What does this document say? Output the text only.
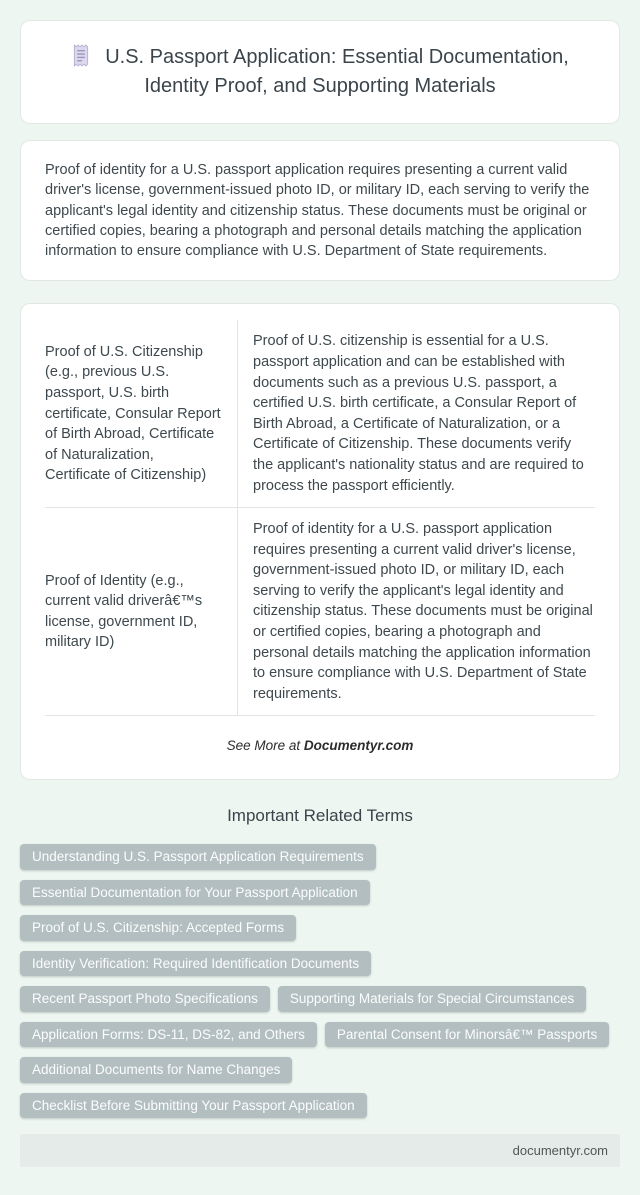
U.S. Passport Application: Essential Documentation, Identity Proof, and Supporting Materials

Proof of identity for a U.S. passport application requires presenting a current valid driver's license, government-issued photo ID, or military ID, each serving to verify the applicant's legal identity and citizenship status. These documents must be original or certified copies, bearing a photograph and personal details matching the application information to ensure compliance with U.S. Department of State requirements.

Proof of U.S. Citizenship (e.g., previous U.S. passport, U.S. birth certificate, Consular Report of Birth Abroad, Certificate of Naturalization, Certificate of Citizenship)	Proof of U.S. citizenship is essential for a U.S. passport application and can be established with documents such as a previous U.S. passport, a certified U.S. birth certificate, a Consular Report of Birth Abroad, a Certificate of Naturalization, or a Certificate of Citizenship. These documents verify the applicant's nationality status and are required to process the passport efficiently.
Proof of Identity (e.g., current valid driverâ€™s license, government ID, military ID)	Proof of identity for a U.S. passport application requires presenting a current valid driver's license, government-issued photo ID, or military ID, each serving to verify the applicant's legal identity and citizenship status. These documents must be original or certified copies, bearing a photograph and personal details matching the application information to ensure compliance with U.S. Department of State requirements.
See More at Documentyr.com
Important Related Terms
Understanding U.S. Passport Application Requirements
Essential Documentation for Your Passport Application
Proof of U.S. Citizenship: Accepted Forms
Identity Verification: Required Identification Documents
Recent Passport Photo Specifications	Supporting Materials for Special Circumstances
Application Forms: DS-11, DS-82, and Others	Parental Consent for Minorsâ€™ Passports
Additional Documents for Name Changes
Checklist Before Submitting Your Passport Application
documentyr.com
